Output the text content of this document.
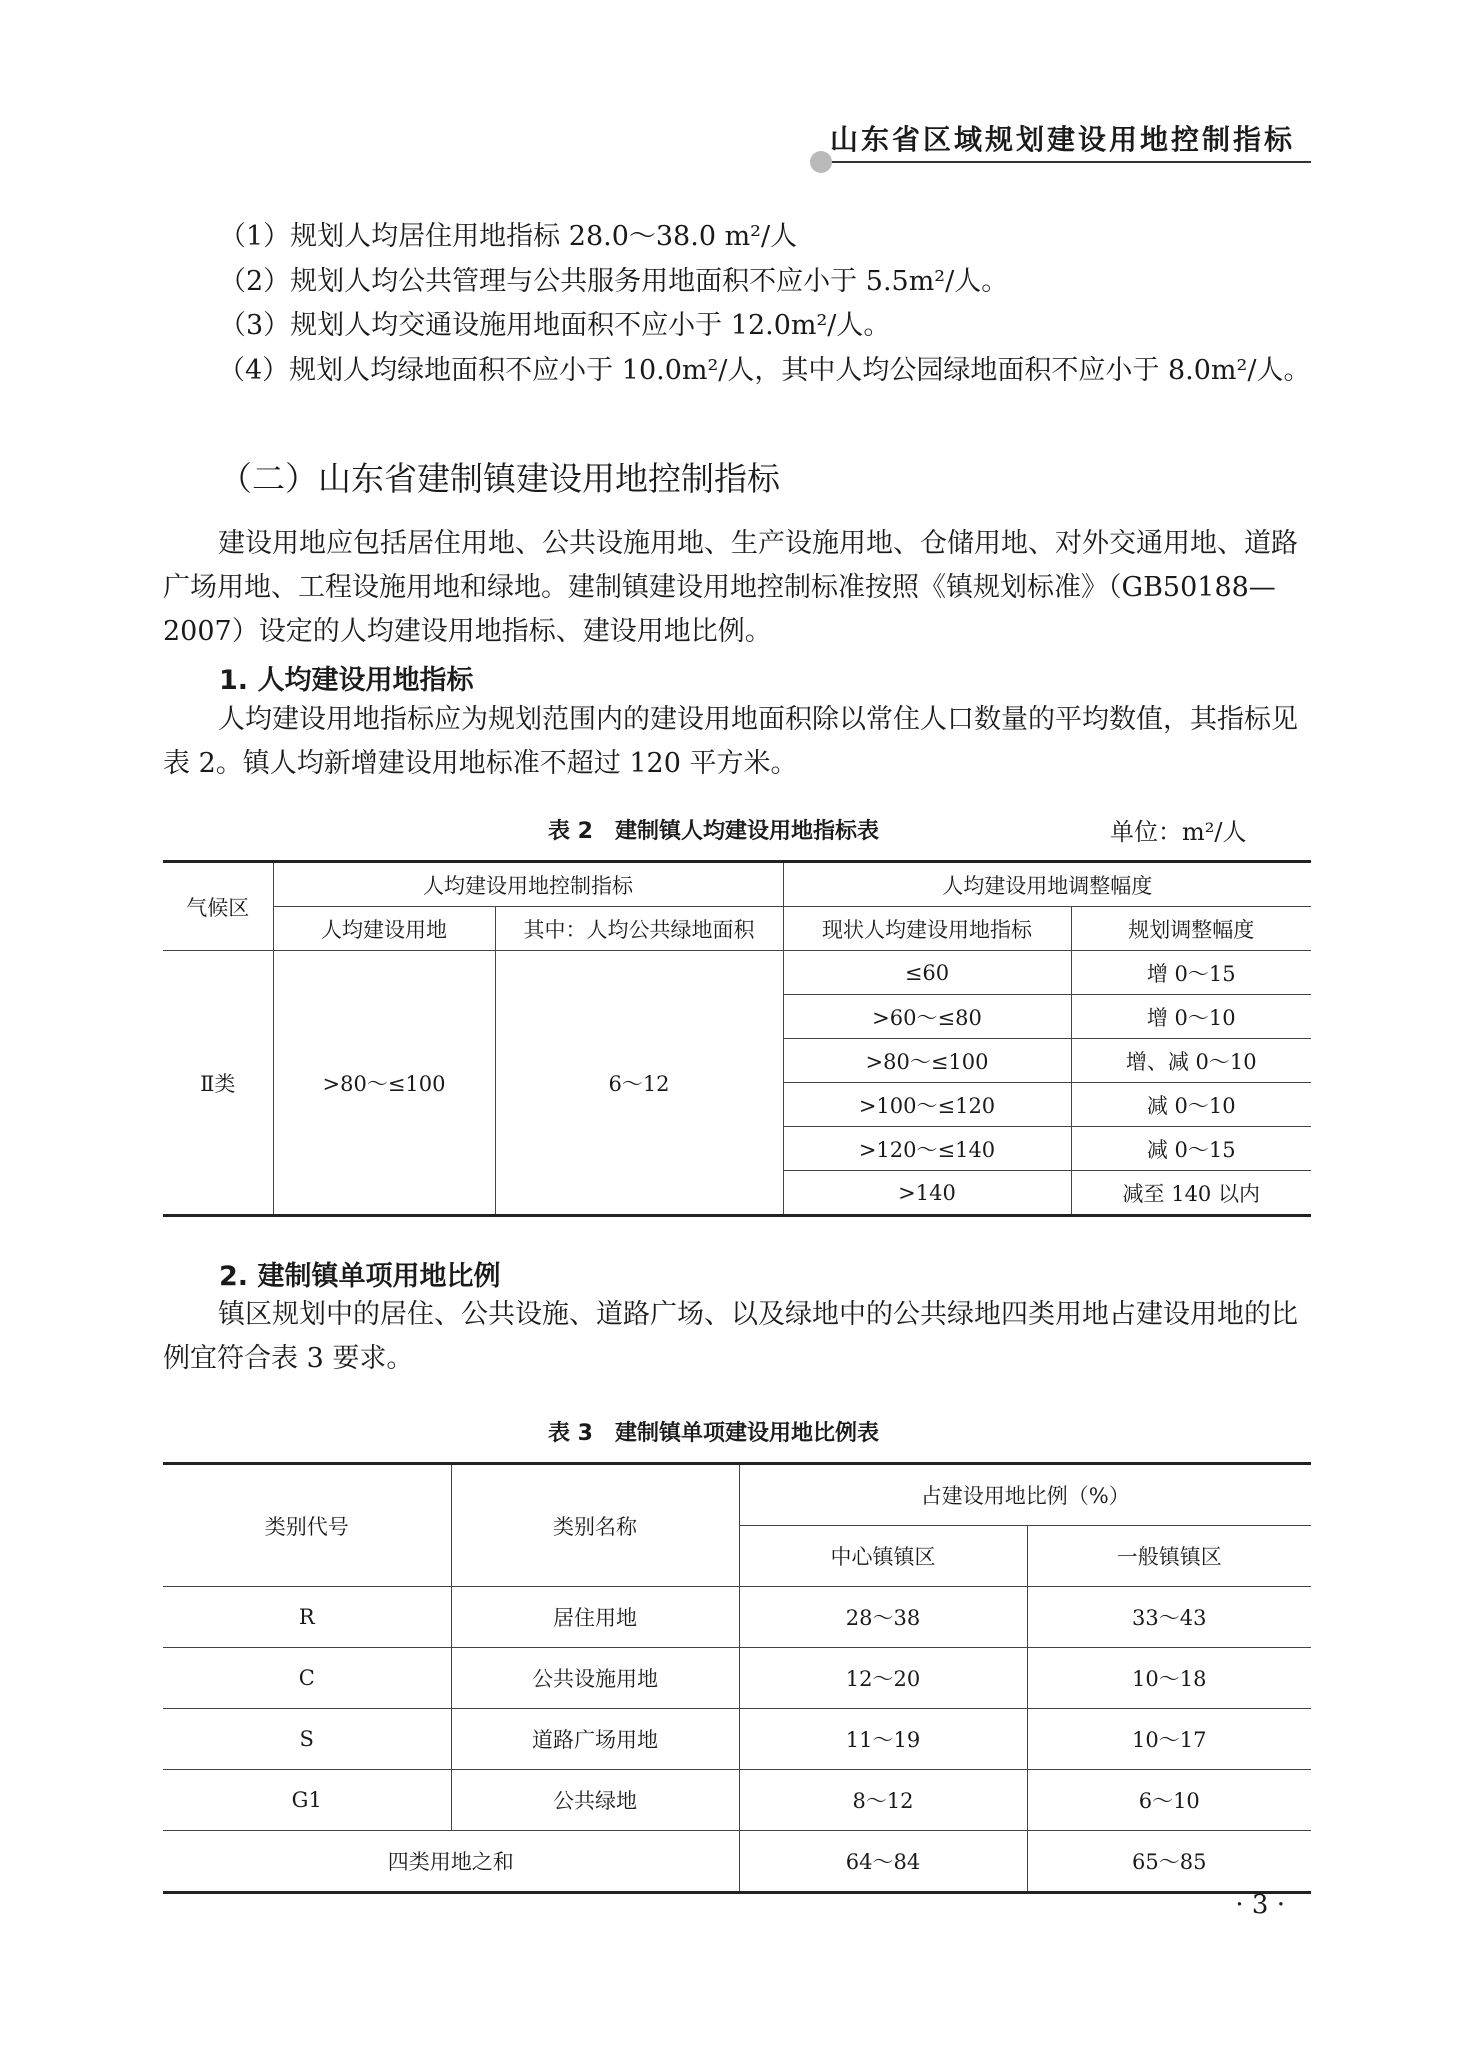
山东省区域规划建设用地控制指标
（1）规划人均居住用地指标 28.0～38.0 m²/人
（2）规划人均公共管理与公共服务用地面积不应小于 5.5m²/人。
（3）规划人均交通设施用地面积不应小于 12.0m²/人。

（4）规划人均绿地面积不应小于 10.0m²/人，其中人均公园绿地面积不应小于 8.0m²/人。

（二）山东省建制镇建设用地控制指标

建设用地应包括居住用地、公共设施用地、生产设施用地、仓储用地、对外交通用地、道路广场用地、工程设施用地和绿地。建制镇建设用地控制标准按照《镇规划标准》（GB50188— 2007）设定的人均建设用地指标、建设用地比例。

1. 人均建设用地指标

人均建设用地指标应为规划范围内的建设用地面积除以常住人口数量的平均数值，其指标见表 2。镇人均新增建设用地标准不超过 120 平方米。

表 2　建制镇人均建设用地指标表	单位：m²/人
气候区	人均建设用地控制指标		人均建设用地调整幅度	
	人均建设用地	其中：人均公共绿地面积	现状人均建设用地指标	规划调整幅度
Ⅱ类	>80～≤100	6～12	≤60	增 0～15
			>60～≤80	增 0～10
			>80～≤100	增、减 0～10
			>100～≤120	减 0～10
			>120～≤140	减 0～15
			>140	减至 140 以内
2. 建制镇单项用地比例

镇区规划中的居住、公共设施、道路广场、以及绿地中的公共绿地四类用地占建设用地的比例宜符合表 3 要求。

表 3　建制镇单项建设用地比例表
类别代号	类别名称	占建设用地比例（%）	
		中心镇镇区	一般镇镇区
R	居住用地	28～38	33～43
C	公共设施用地	12～20	10～18
S	道路广场用地	11～19	10～17
G1	公共绿地	8～12	6～10
四类用地之和		64～84	65～85
· 3 ·
